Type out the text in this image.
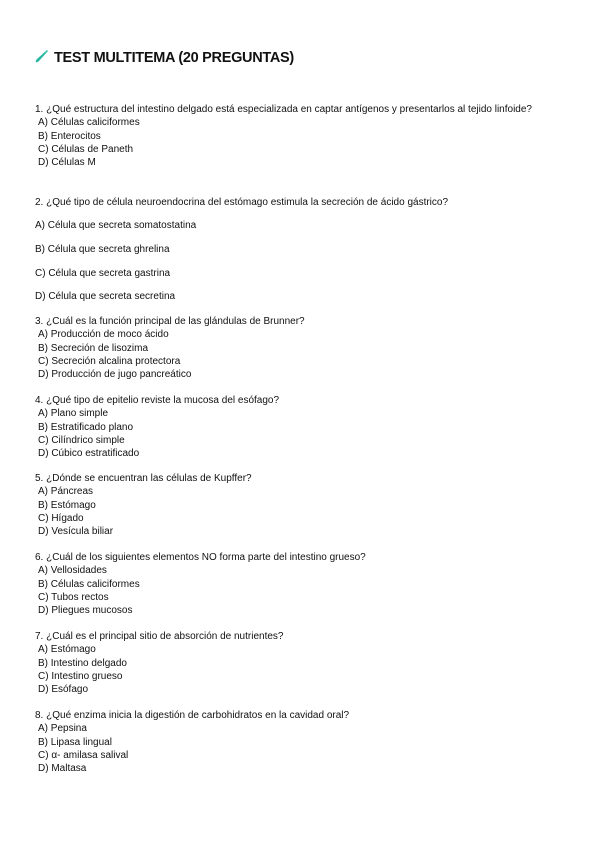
TEST MULTITEMA (20 PREGUNTAS)
1. ¿Qué estructura del intestino delgado está especializada en captar antígenos y presentarlos al tejido linfoide?
A) Células caliciformes
B) Enterocitos
C) Células de Paneth
D) Células M
2. ¿Qué tipo de célula neuroendocrina del estómago estimula la secreción de ácido gástrico?
A) Célula que secreta somatostatina
B) Célula que secreta ghrelina
C) Célula que secreta gastrina
D) Célula que secreta secretina
3. ¿Cuál es la función principal de las glándulas de Brunner?
A) Producción de moco ácido
B) Secreción de lisozima
C) Secreción alcalina protectora
D) Producción de jugo pancreático
4. ¿Qué tipo de epitelio reviste la mucosa del esófago?
A) Plano simple
B) Estratificado plano
C) Cilíndrico simple
D) Cúbico estratificado
5. ¿Dónde se encuentran las células de Kupffer?
A) Páncreas
B) Estómago
C) Hígado
D) Vesícula biliar
6. ¿Cuál de los siguientes elementos NO forma parte del intestino grueso?
A) Vellosidades
B) Células caliciformes
C) Tubos rectos
D) Pliegues mucosos
7. ¿Cuál es el principal sitio de absorción de nutrientes?
A) Estómago
B) Intestino delgado
C) Intestino grueso
D) Esófago
8. ¿Qué enzima inicia la digestión de carbohidratos en la cavidad oral?
A) Pepsina
B) Lipasa lingual
C) α- amilasa salival
D) Maltasa
